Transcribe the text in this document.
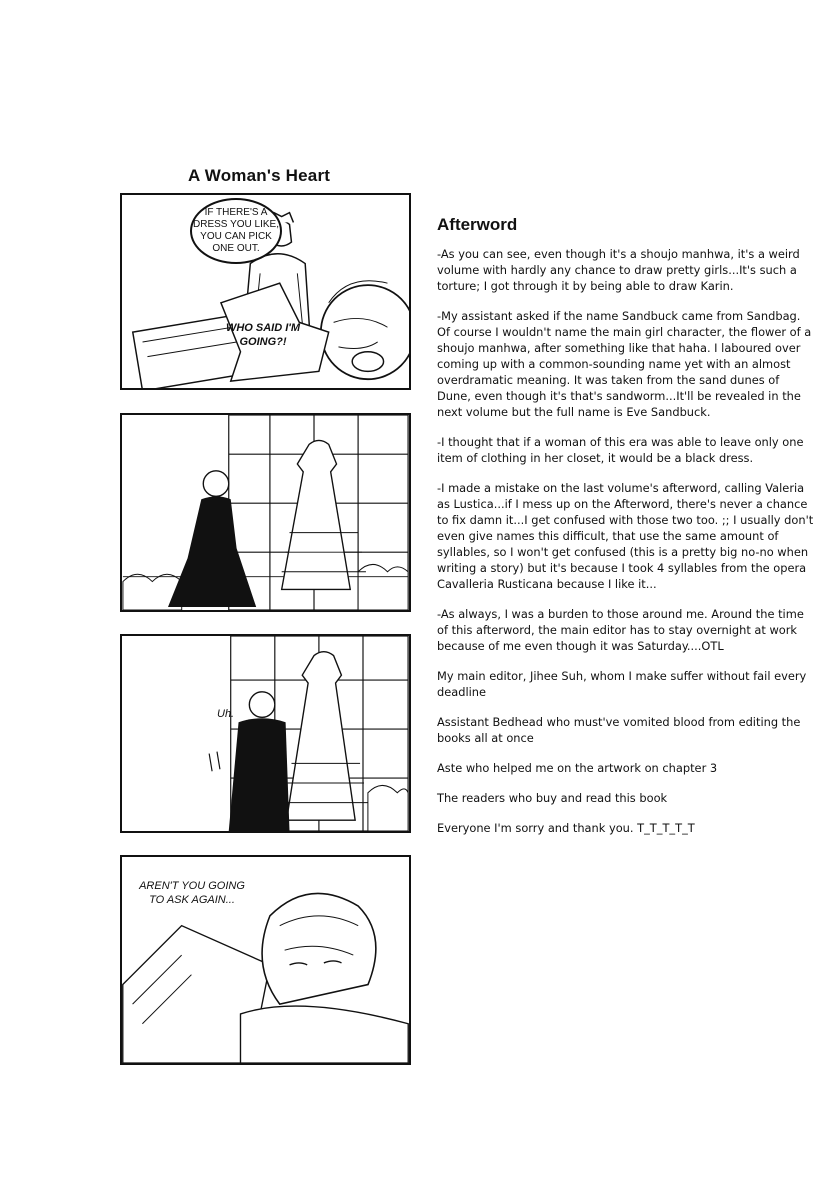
A Woman's Heart
IF THERE'S A DRESS YOU LIKE, YOU CAN PICK ONE OUT.
WHO SAID I'M GOING?!
Uh.
AREN'T YOU GOING TO ASK AGAIN...
Afterword

-As you can see, even though it's a shoujo manhwa, it's a weird volume with hardly any chance to draw pretty girls...It's such a torture; I got through it by being able to draw Karin.

-My assistant asked if the name Sandbuck came from Sandbag. Of course I wouldn't name the main girl character, the flower of a shoujo manhwa, after something like that haha. I laboured over coming up with a common-sounding name yet with an almost overdramatic meaning. It was taken from the sand dunes of Dune, even though it's that's sandworm...It'll be revealed in the next volume but the full name is Eve Sandbuck.

-I thought that if a woman of this era was able to leave only one item of clothing in her closet, it would be a black dress.

-I made a mistake on the last volume's afterword, calling Valeria as Lustica...if I mess up on the Afterword, there's never a chance to fix damn it...I get confused with those two too. ;; I usually don't even give names this difficult, that use the same amount of syllables, so I won't get confused (this is a pretty big no-no when writing a story) but it's because I took 4 syllables from the opera Cavalleria Rusticana because I like it...

-As always, I was a burden to those around me. Around the time of this afterword, the main editor has to stay overnight at work because of me even though it was Saturday....OTL

My main editor, Jihee Suh, whom I make suffer without fail every deadline

Assistant Bedhead who must've vomited blood from editing the books all at once

Aste who helped me on the artwork on chapter 3

The readers who buy and read this book

Everyone I'm sorry and thank you. T_T_T_T_T
